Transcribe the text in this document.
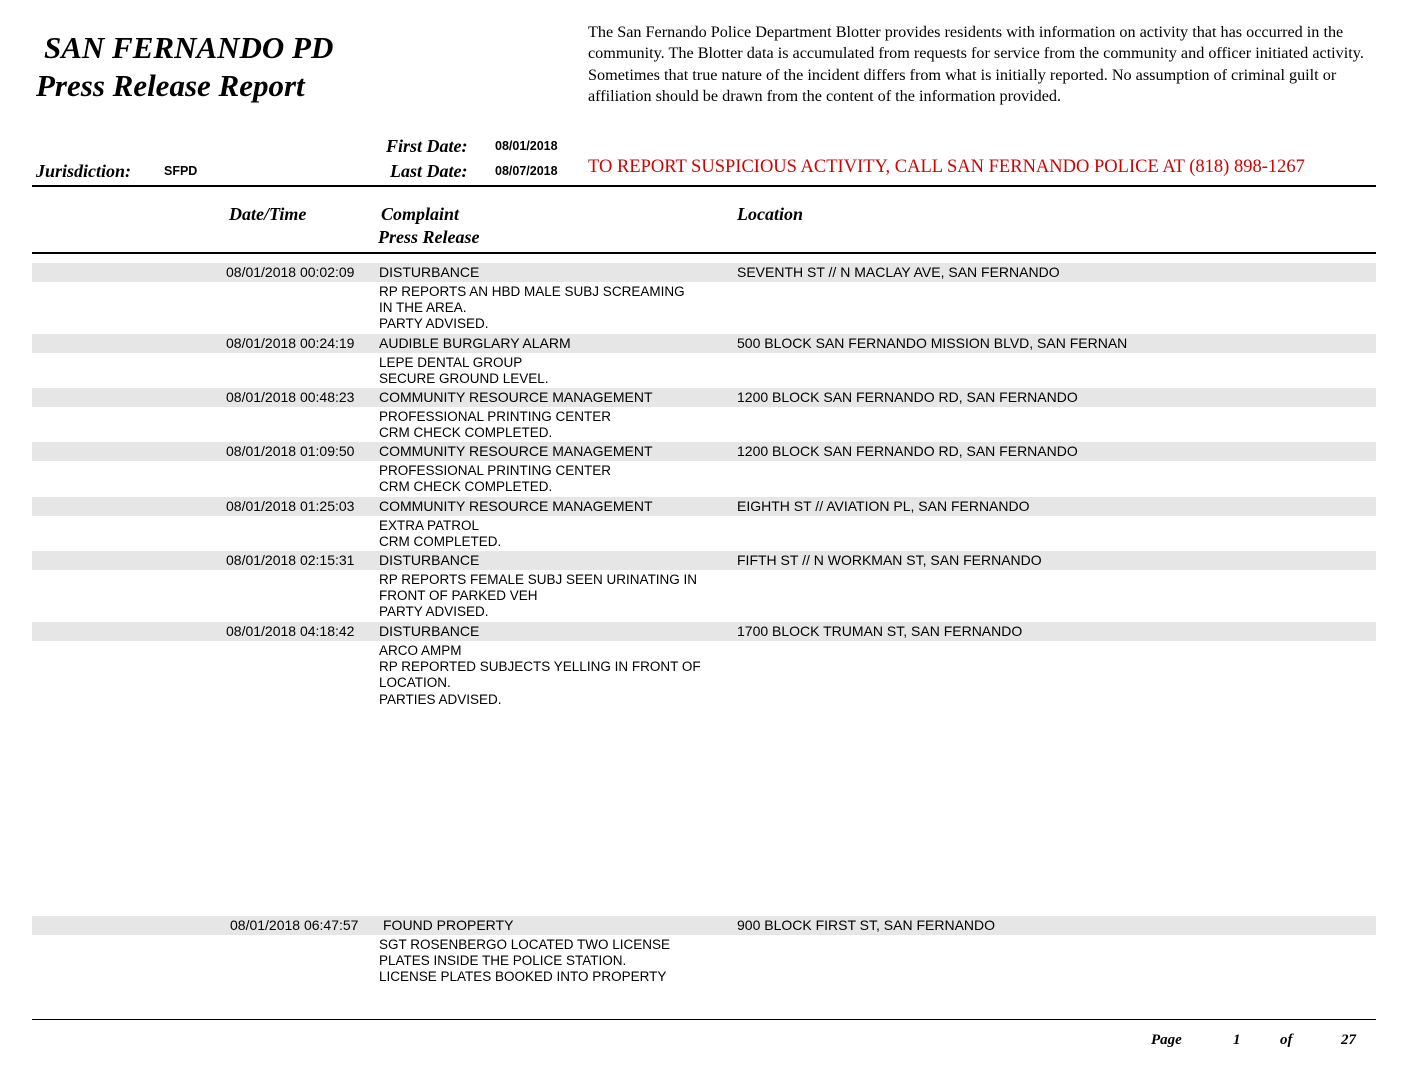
SAN FERNANDO PD
Press Release Report
The San Fernando Police Department Blotter provides residents with information on activity that has occurred in the community. The Blotter data is accumulated from requests for service from the community and officer initiated activity. Sometimes that true nature of the incident differs from what is initially reported. No assumption of criminal guilt or affiliation should be drawn from the content of the information provided.
First Date: 08/01/2018
Last Date: 08/07/2018
Jurisdiction:	SFPD	TO REPORT SUSPICIOUS ACTIVITY, CALL SAN FERNANDO POLICE AT (818) 898-1267
Date/Time	Complaint
Press Release
Location
08/01/2018 00:02:09 DISTURBANCE	SEVENTH ST // N MACLAY AVE, SAN FERNANDO
RP REPORTS AN HBD MALE SUBJ SCREAMING
IN THE AREA.
PARTY ADVISED.
08/01/2018 00:24:19 AUDIBLE BURGLARY ALARM	500 BLOCK SAN FERNANDO MISSION BLVD, SAN FERNAN
LEPE DENTAL GROUP
SECURE GROUND LEVEL.
08/01/2018 00:48:23 COMMUNITY RESOURCE MANAGEMENT	1200 BLOCK SAN FERNANDO RD, SAN FERNANDO
PROFESSIONAL PRINTING CENTER
CRM CHECK COMPLETED.
08/01/2018 01:09:50 COMMUNITY RESOURCE MANAGEMENT	1200 BLOCK SAN FERNANDO RD, SAN FERNANDO
PROFESSIONAL PRINTING CENTER
CRM CHECK COMPLETED.
08/01/2018 01:25:03 COMMUNITY RESOURCE MANAGEMENT	EIGHTH ST // AVIATION PL, SAN FERNANDO
EXTRA PATROL
CRM COMPLETED.
08/01/2018 02:15:31 DISTURBANCE	FIFTH ST // N WORKMAN ST, SAN FERNANDO
RP REPORTS FEMALE SUBJ SEEN URINATING IN
FRONT OF PARKED VEH
PARTY ADVISED.
08/01/2018 04:18:42 DISTURBANCE	1700 BLOCK TRUMAN ST, SAN FERNANDO
ARCO AMPM
RP REPORTED SUBJECTS YELLING IN FRONT OF
LOCATION.
PARTIES ADVISED.
08/01/2018 06:47:57 FOUND PROPERTY	900 BLOCK FIRST ST, SAN FERNANDO
SGT ROSENBERGO LOCATED TWO LICENSE
PLATES INSIDE THE POLICE STATION.
LICENSE PLATES BOOKED INTO PROPERTY
Page	1	of	27
